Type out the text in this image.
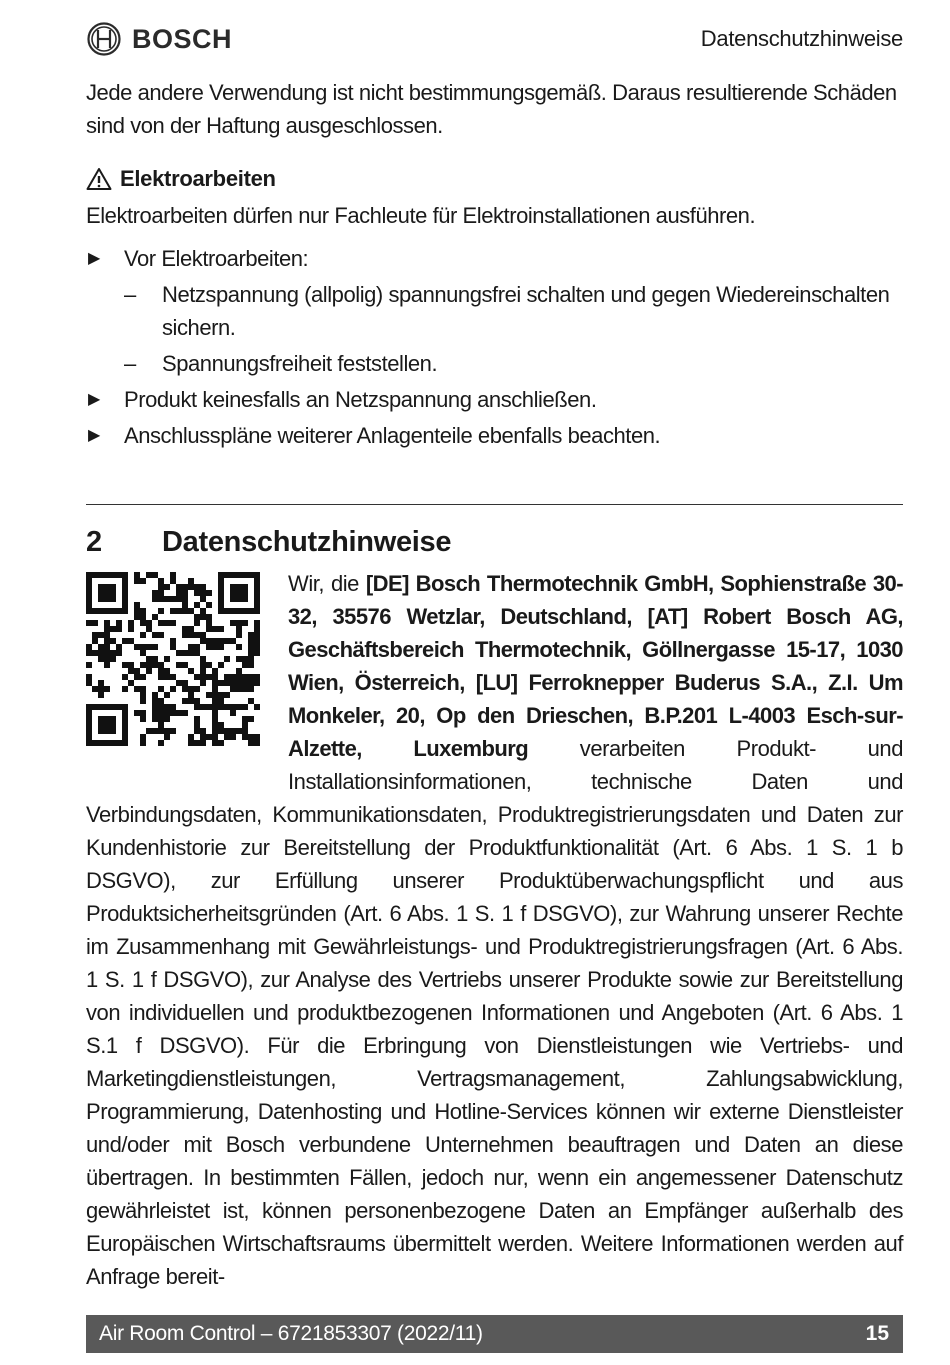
BOSCH	Datenschutzhinweise

Jede andere Verwendung ist nicht bestimmungsgemäß. Daraus resultierende Schäden sind von der Haftung ausgeschlossen.

Elektroarbeiten

Elektroarbeiten dürfen nur Fachleute für Elektroinstallationen ausführen.

▶ Vor Elektroarbeiten:
– Netzspannung (allpolig) spannungsfrei schalten und gegen Wiedereinschalten sichern.
– Spannungsfreiheit feststellen.
▶ Produkt keinesfalls an Netzspannung anschließen.
▶ Anschlusspläne weiterer Anlagenteile ebenfalls beachten.
2 Datenschutzhinweise

Wir, die [DE] Bosch Thermotechnik GmbH, Sophienstraße 30-32, 35576 Wetzlar, Deutschland, [AT] Robert Bosch AG, Geschäftsbereich Thermotechnik, Göllnergasse 15-17, 1030 Wien, Österreich, [LU] Ferroknepper Buderus S.A., Z.I. Um Monkeler, 20, Op den Drieschen, B.P.201 L-4003 Esch-sur-Alzette, Luxemburg verarbeiten Produkt- und Installationsinformationen, technische Daten und Verbindungsdaten, Kommunikationsdaten, Produktregistrierungsdaten und Daten zur Kundenhistorie zur Bereitstellung der Produktfunktionalität (Art. 6 Abs. 1 S. 1 b DSGVO), zur Erfüllung unserer Produktüberwachungspflicht und aus Produktsicherheitsgründen (Art. 6 Abs. 1 S. 1 f DSGVO), zur Wahrung unserer Rechte im Zusammenhang mit Gewährleistungs- und Produktregistrierungsfragen (Art. 6 Abs. 1 S. 1 f DSGVO), zur Analyse des Vertriebs unserer Produkte sowie zur Bereitstellung von individuellen und produktbezogenen Informationen und Angeboten (Art. 6 Abs. 1 S.1 f DSGVO). Für die Erbringung von Dienstleistungen wie Vertriebs- und Marketingdienstleistungen, Vertragsmanagement, Zahlungsabwicklung, Programmierung, Datenhosting und Hotline-Services können wir externe Dienstleister und/oder mit Bosch verbundene Unternehmen beauftragen und Daten an diese übertragen. In bestimmten Fällen, jedoch nur, wenn ein angemessener Datenschutz gewährleistet ist, können personenbezogene Daten an Empfänger außerhalb des Europäischen Wirtschaftsraums übermittelt werden. Weitere Informationen werden auf Anfrage bereit-

Air Room Control – 6721853307 (2022/11)	15
